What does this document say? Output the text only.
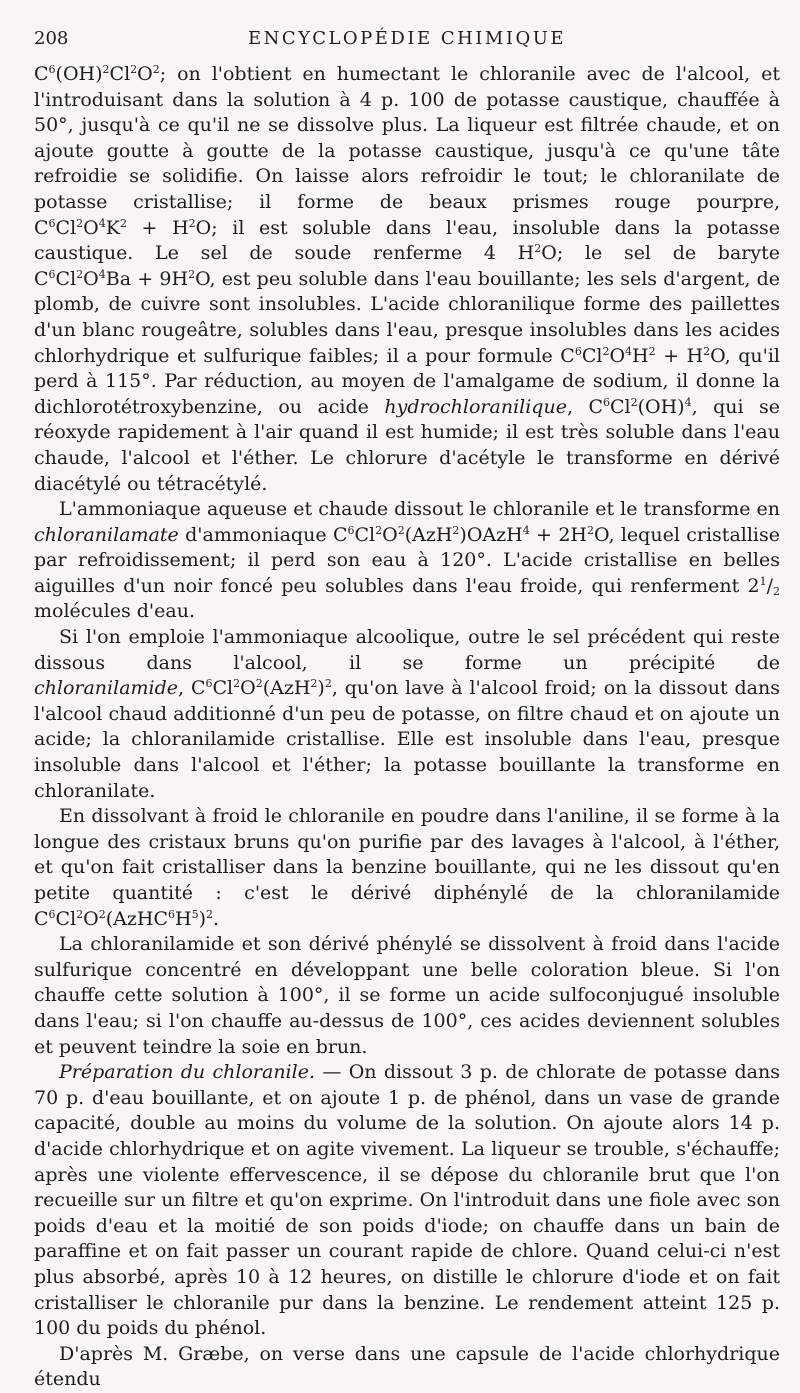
208	ENCYCLOPÉDIE CHIMIQUE

$C^6(OH)^2Cl^2O^2$; on l'obtient en humectant le chloranile avec de l'alcool, et l'introduisant dans la solution à 4 p. 100 de potasse caustique, chauffée à 50°, jusqu'à ce qu'il ne se dissolve plus. La liqueur est filtrée chaude, et on ajoute goutte à goutte de la potasse caustique, jusqu'à ce qu'une tâte refroidie se solidifie. On laisse alors refroidir le tout; le chloranilate de potasse cristallise; il forme de beaux prismes rouge pourpre, $C^6Cl^2O^4K^2 + H^2O$; il est soluble dans l'eau, insoluble dans la potasse caustique. Le sel de soude renferme 4 $H^2O$; le sel de baryte $C^6Cl^2O^4Ba + 9H^2O$, est peu soluble dans l'eau bouillante; les sels d'argent, de plomb, de cuivre sont insolubles. L'acide chloranilique forme des paillettes d'un blanc rougeâtre, solubles dans l'eau, presque insolubles dans les acides chlorhydrique et sulfurique faibles; il a pour formule $C^6Cl^2O^4H^2 + H^2O$, qu'il perd à 115°. Par réduction, au moyen de l'amalgame de sodium, il donne la dichlorotétroxybenzine, ou acide hydrochloranilique, $C^6Cl^2(OH)^4$, qui se réoxyde rapidement à l'air quand il est humide; il est très soluble dans l'eau chaude, l'alcool et l'éther. Le chlorure d'acétyle le transforme en dérivé diacétylé ou tétracétylé.

L'ammoniaque aqueuse et chaude dissout le chloranile et le transforme en chloranilamate d'ammoniaque $C^6Cl^2O^2(AzH^2)OAzH^4 + 2H^2O$, lequel cristallise par refroidissement; il perd son eau à 120°. L'acide cristallise en belles aiguilles d'un noir foncé peu solubles dans l'eau froide, qui renferment $2^1/_2$ molécules d'eau.

Si l'on emploie l'ammoniaque alcoolique, outre le sel précédent qui reste dissous dans l'alcool, il se forme un précipité de chloranilamide, $C^6Cl^2O^2(AzH^2)^2$, qu'on lave à l'alcool froid; on la dissout dans l'alcool chaud additionné d'un peu de potasse, on filtre chaud et on ajoute un acide; la chloranilamide cristallise. Elle est insoluble dans l'eau, presque insoluble dans l'alcool et l'éther; la potasse bouillante la transforme en chloranilate.

En dissolvant à froid le chloranile en poudre dans l'aniline, il se forme à la longue des cristaux bruns qu'on purifie par des lavages à l'alcool, à l'éther, et qu'on fait cristalliser dans la benzine bouillante, qui ne les dissout qu'en petite quantité : c'est le dérivé diphénylé de la chloranilamide $C^6Cl^2O^2(AzHC^6H^5)^2$.

La chloranilamide et son dérivé phénylé se dissolvent à froid dans l'acide sulfurique concentré en développant une belle coloration bleue. Si l'on chauffe cette solution à 100°, il se forme un acide sulfoconjugué insoluble dans l'eau; si l'on chauffe au-dessus de 100°, ces acides deviennent solubles et peuvent teindre la soie en brun.

Préparation du chloranile. — On dissout 3 p. de chlorate de potasse dans 70 p. d'eau bouillante, et on ajoute 1 p. de phénol, dans un vase de grande capacité, double au moins du volume de la solution. On ajoute alors 14 p. d'acide chlorhydrique et on agite vivement. La liqueur se trouble, s'échauffe; après une violente effervescence, il se dépose du chloranile brut que l'on recueille sur un filtre et qu'on exprime. On l'introduit dans une fiole avec son poids d'eau et la moitié de son poids d'iode; on chauffe dans un bain de paraffine et on fait passer un courant rapide de chlore. Quand celui-ci n'est plus absorbé, après 10 à 12 heures, on distille le chlorure d'iode et on fait cristalliser le chloranile pur dans la benzine. Le rendement atteint 125 p. 100 du poids du phénol.

D'après M. Græbe, on verse dans une capsule de l'acide chlorhydrique étendu
